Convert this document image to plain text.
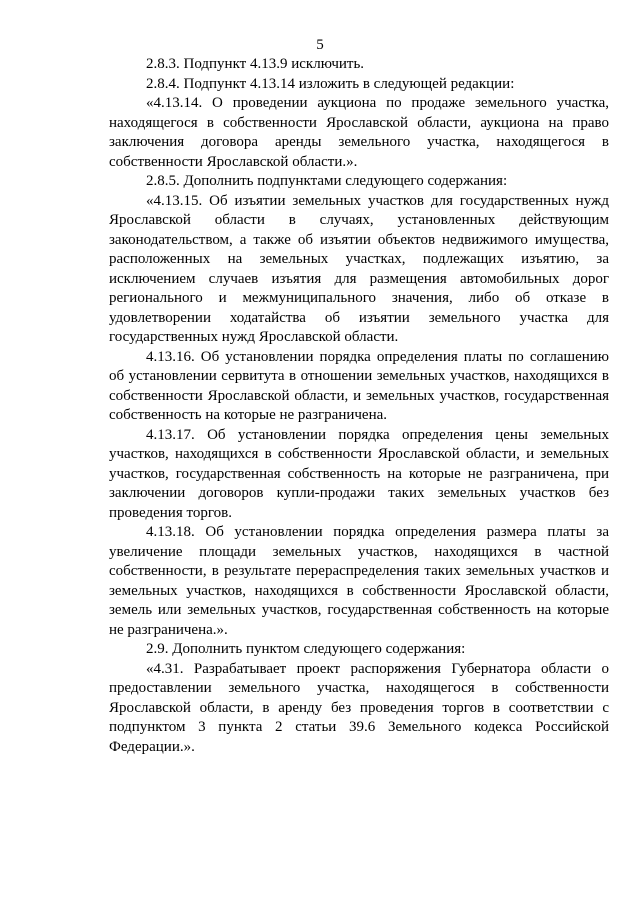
5

2.8.3. Подпункт 4.13.9 исключить.

2.8.4. Подпункт 4.13.14 изложить в следующей редакции:

«4.13.14. О проведении аукциона по продаже земельного участка, находящегося в собственности Ярославской области, аукциона на право заключения договора аренды земельного участка, находящегося в собственности Ярославской области.».

2.8.5. Дополнить подпунктами следующего содержания:

«4.13.15. Об изъятии земельных участков для государственных нужд Ярославской области в случаях, установленных действующим законодательством, а также об изъятии объектов недвижимого имущества, расположенных на земельных участках, подлежащих изъятию, за исключением случаев изъятия для размещения автомобильных дорог регионального и межмуниципального значения, либо об отказе в удовлетворении ходатайства об изъятии земельного участка для государственных нужд Ярославской области.

4.13.16. Об установлении порядка определения платы по соглашению об установлении сервитута в отношении земельных участков, находящихся в собственности Ярославской области, и земельных участков, государственная собственность на которые не разграничена.

4.13.17. Об установлении порядка определения цены земельных участков, находящихся в собственности Ярославской области, и земельных участков, государственная собственность на которые не разграничена, при заключении договоров купли-продажи таких земельных участков без проведения торгов.

4.13.18. Об установлении порядка определения размера платы за увеличение площади земельных участков, находящихся в частной собственности, в результате перераспределения таких земельных участков и земельных участков, находящихся в собственности Ярославской области, земель или земельных участков, государственная собственность на которые не разграничена.».

2.9. Дополнить пунктом следующего содержания:

«4.31. Разрабатывает проект распоряжения Губернатора области о предоставлении земельного участка, находящегося в собственности Ярославской области, в аренду без проведения торгов в соответствии с подпунктом 3 пункта 2 статьи 39.6 Земельного кодекса Российской Федерации.».
